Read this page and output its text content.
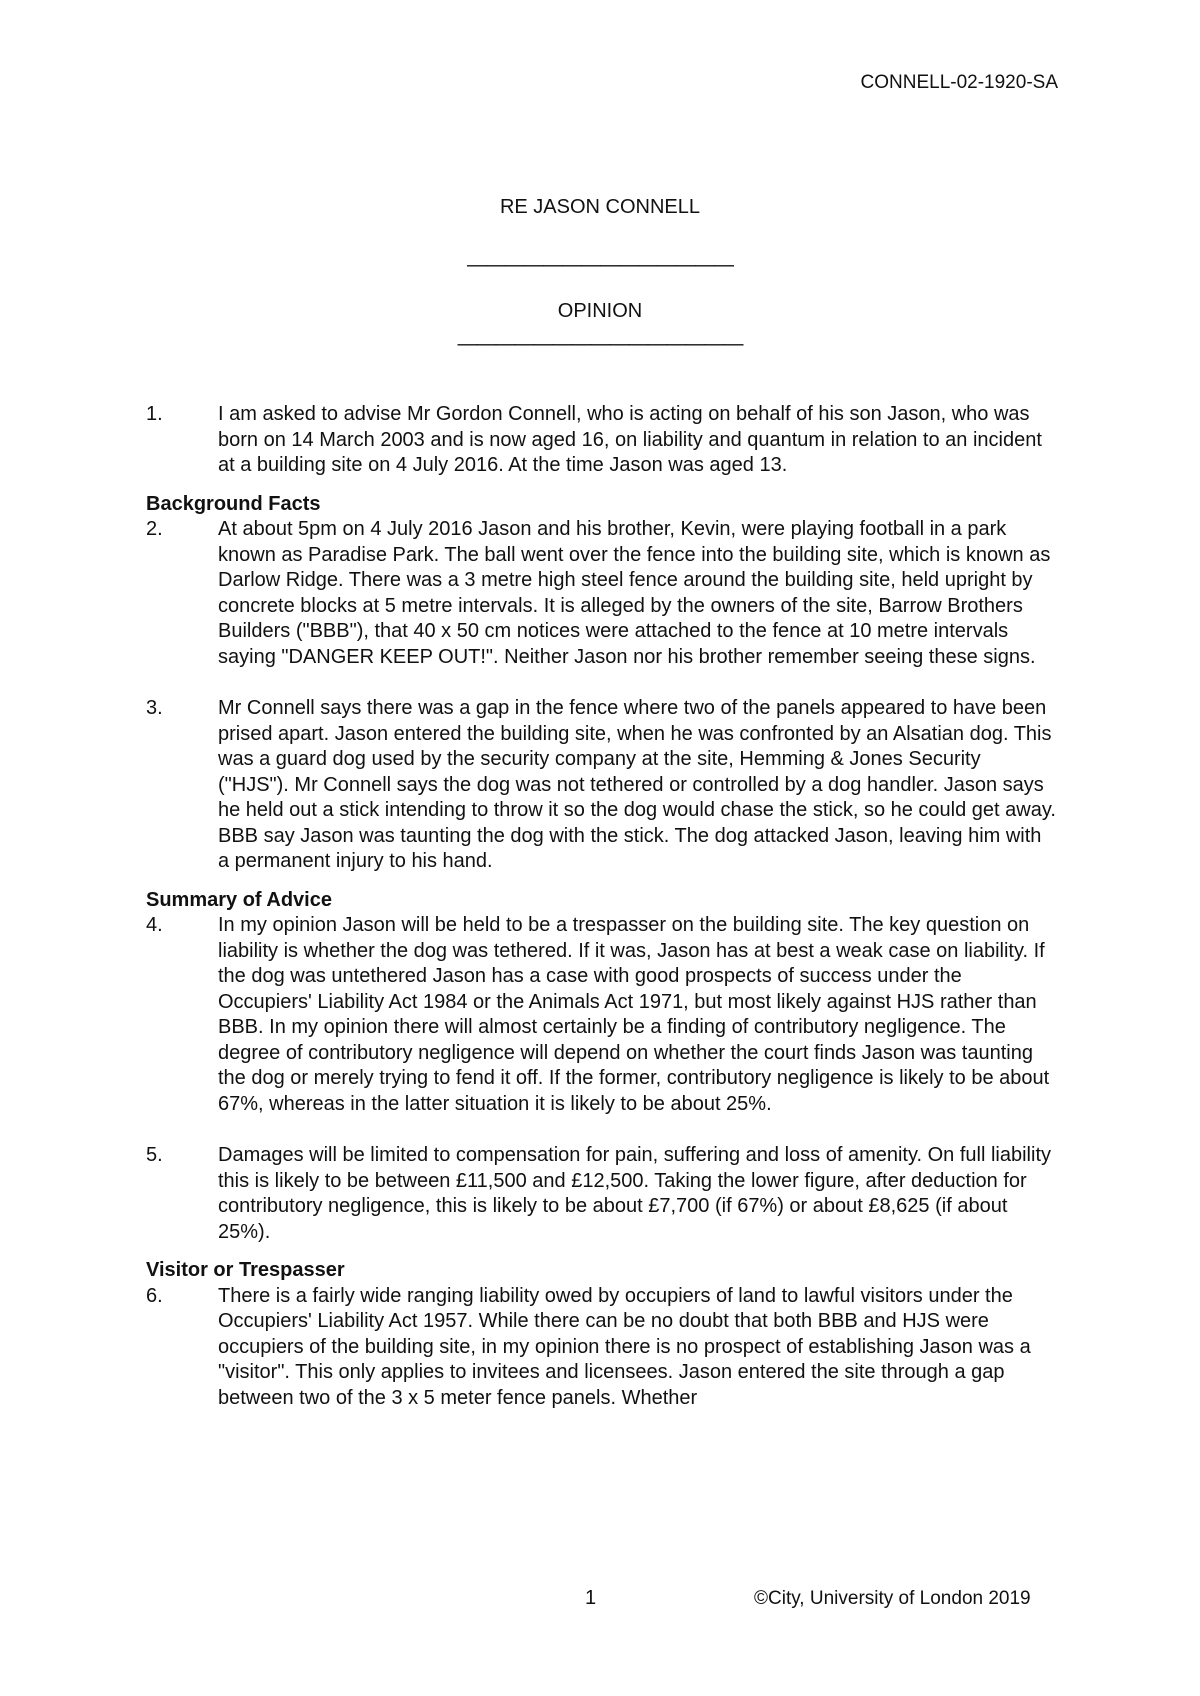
CONNELL-02-1920-SA
RE JASON CONNELL
——————————————
OPINION
———————————————
1.	I am asked to advise Mr Gordon Connell, who is acting on behalf of his son Jason, who was born on 14 March 2003 and is now aged 16, on liability and quantum in relation to an incident at a building site on 4 July 2016. At the time Jason was aged 13.
Background Facts
2.	At about 5pm on 4 July 2016 Jason and his brother, Kevin, were playing football in a park known as Paradise Park. The ball went over the fence into the building site, which is known as Darlow Ridge. There was a 3 metre high steel fence around the building site, held upright by concrete blocks at 5 metre intervals. It is alleged by the owners of the site, Barrow Brothers Builders ("BBB"), that 40 x 50 cm notices were attached to the fence at 10 metre intervals saying "DANGER KEEP OUT!". Neither Jason nor his brother remember seeing these signs.
3.	Mr Connell says there was a gap in the fence where two of the panels appeared to have been prised apart. Jason entered the building site, when he was confronted by an Alsatian dog. This was a guard dog used by the security company at the site, Hemming & Jones Security ("HJS"). Mr Connell says the dog was not tethered or controlled by a dog handler. Jason says he held out a stick intending to throw it so the dog would chase the stick, so he could get away. BBB say Jason was taunting the dog with the stick. The dog attacked Jason, leaving him with a permanent injury to his hand.
Summary of Advice
4.	In my opinion Jason will be held to be a trespasser on the building site. The key question on liability is whether the dog was tethered. If it was, Jason has at best a weak case on liability. If the dog was untethered Jason has a case with good prospects of success under the Occupiers' Liability Act 1984 or the Animals Act 1971, but most likely against HJS rather than BBB. In my opinion there will almost certainly be a finding of contributory negligence. The degree of contributory negligence will depend on whether the court finds Jason was taunting the dog or merely trying to fend it off. If the former, contributory negligence is likely to be about 67%, whereas in the latter situation it is likely to be about 25%.
5.	Damages will be limited to compensation for pain, suffering and loss of amenity. On full liability this is likely to be between £11,500 and £12,500. Taking the lower figure, after deduction for contributory negligence, this is likely to be about £7,700 (if 67%) or about £8,625 (if about 25%).
Visitor or Trespasser
6.	There is a fairly wide ranging liability owed by occupiers of land to lawful visitors under the Occupiers' Liability Act 1957. While there can be no doubt that both BBB and HJS were occupiers of the building site, in my opinion there is no prospect of establishing Jason was a "visitor". This only applies to invitees and licensees. Jason entered the site through a gap between two of the 3 x 5 meter fence panels. Whether
1	©City, University of London 2019
